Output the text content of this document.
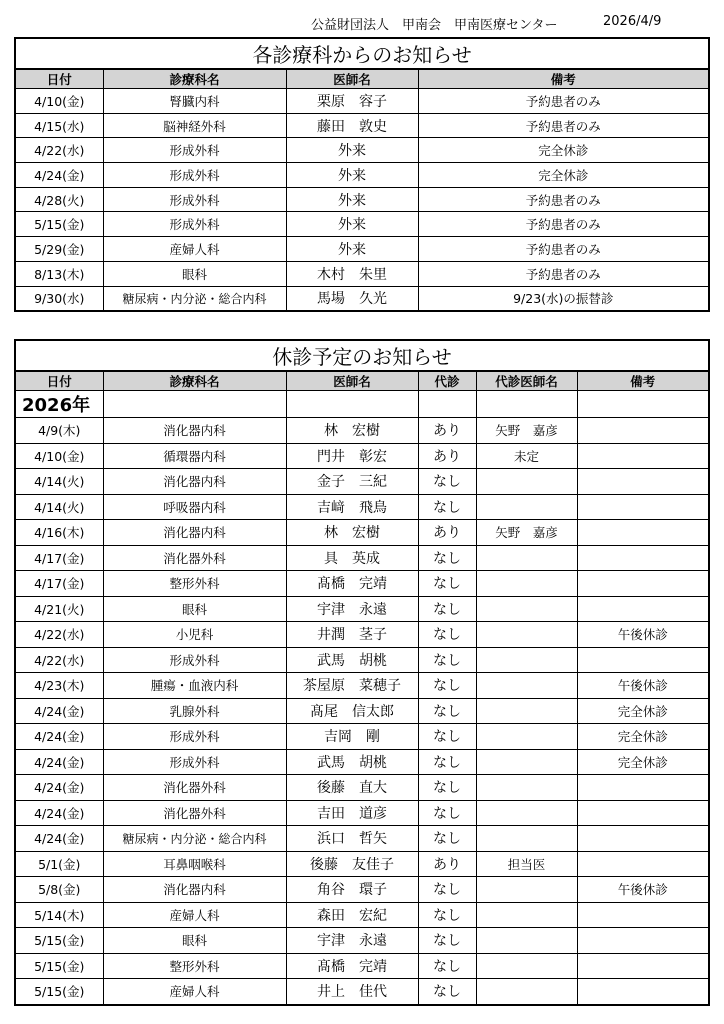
公益財団法人　甲南会　甲南医療センター	2026/4/9
各診療科からのお知らせ			
日付	診療科名	医師名	備考
4/10(金)	腎臓内科	栗原　容子	予約患者のみ
4/15(水)	脳神経外科	藤田　敦史	予約患者のみ
4/22(水)	形成外科	外来	完全休診
4/24(金)	形成外科	外来	完全休診
4/28(火)	形成外科	外来	予約患者のみ
5/15(金)	形成外科	外来	予約患者のみ
5/29(金)	産婦人科	外来	予約患者のみ
8/13(木)	眼科	木村　朱里	予約患者のみ
9/30(水)	糖尿病・内分泌・総合内科	馬場　久光	9/23(水)の振替診
休診予定のお知らせ					
日付	診療科名	医師名	代診	代診医師名	備考
2026年					
4/9(木)	消化器内科	林　宏樹	あり	矢野　嘉彦	
4/10(金)	循環器内科	門井　彰宏	あり	未定	
4/14(火)	消化器内科	金子　三紀	なし		
4/14(火)	呼吸器内科	吉﨑　飛鳥	なし		
4/16(木)	消化器内科	林　宏樹	あり	矢野　嘉彦	
4/17(金)	消化器外科	具　英成	なし		
4/17(金)	整形外科	髙橋　完靖	なし		
4/21(火)	眼科	宇津　永遠	なし		
4/22(水)	小児科	井潤　茎子	なし		午後休診
4/22(水)	形成外科	武馬　胡桃	なし		
4/23(木)	腫瘍・血液内科	茶屋原　菜穂子	なし		午後休診
4/24(金)	乳腺外科	髙尾　信太郎	なし		完全休診
4/24(金)	形成外科	吉岡　剛	なし		完全休診
4/24(金)	形成外科	武馬　胡桃	なし		完全休診
4/24(金)	消化器外科	後藤　直大	なし		
4/24(金)	消化器外科	吉田　道彦	なし		
4/24(金)	糖尿病・内分泌・総合内科	浜口　哲矢	なし		
5/1(金)	耳鼻咽喉科	後藤　友佳子	あり	担当医	
5/8(金)	消化器内科	角谷　環子	なし		午後休診
5/14(木)	産婦人科	森田　宏紀	なし		
5/15(金)	眼科	宇津　永遠	なし		
5/15(金)	整形外科	髙橋　完靖	なし		
5/15(金)	産婦人科	井上　佳代	なし		
